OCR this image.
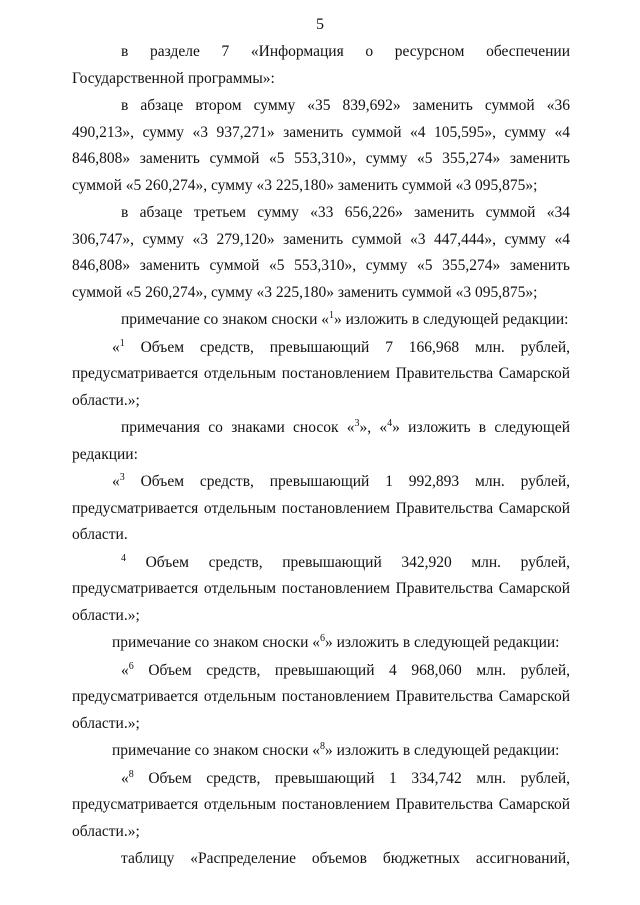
5

в разделе 7 «Информация о ресурсном обеспечении Государственной программы»:

в абзаце втором сумму «35 839,692» заменить суммой «36 490,213», сумму «3 937,271» заменить суммой «4 105,595», сумму «4 846,808» заменить суммой «5 553,310», сумму «5 355,274» заменить суммой «5 260,274», сумму «3 225,180» заменить суммой «3 095,875»;

в абзаце третьем сумму «33 656,226» заменить суммой «34 306,747», сумму «3 279,120» заменить суммой «3 447,444», сумму «4 846,808» заменить суммой «5 553,310», сумму «5 355,274» заменить суммой «5 260,274», сумму «3 225,180» заменить суммой «3 095,875»;

примечание со знаком сноски «$^1$» изложить в следующей редакции:

«$^1$ Объем средств, превышающий 7 166,968 млн. рублей, предусматривается отдельным постановлением Правительства Самарской области.»;

примечания со знаками сносок «$^3$», «$^4$» изложить в следующей редакции:

«$^3$ Объем средств, превышающий 1 992,893 млн. рублей, предусматривается отдельным постановлением Правительства Самарской области.

$^4$ Объем средств, превышающий 342,920 млн. рублей, предусматривается отдельным постановлением Правительства Самарской области.»;

примечание со знаком сноски «$^6$» изложить в следующей редакции:

«$^6$ Объем средств, превышающий 4 968,060 млн. рублей, предусматривается отдельным постановлением Правительства Самарской области.»;

примечание со знаком сноски «$^8$» изложить в следующей редакции:

«$^8$ Объем средств, превышающий 1 334,742 млн. рублей, предусматривается отдельным постановлением Правительства Самарской области.»;

таблицу «Распределение объемов бюджетных ассигнований,
